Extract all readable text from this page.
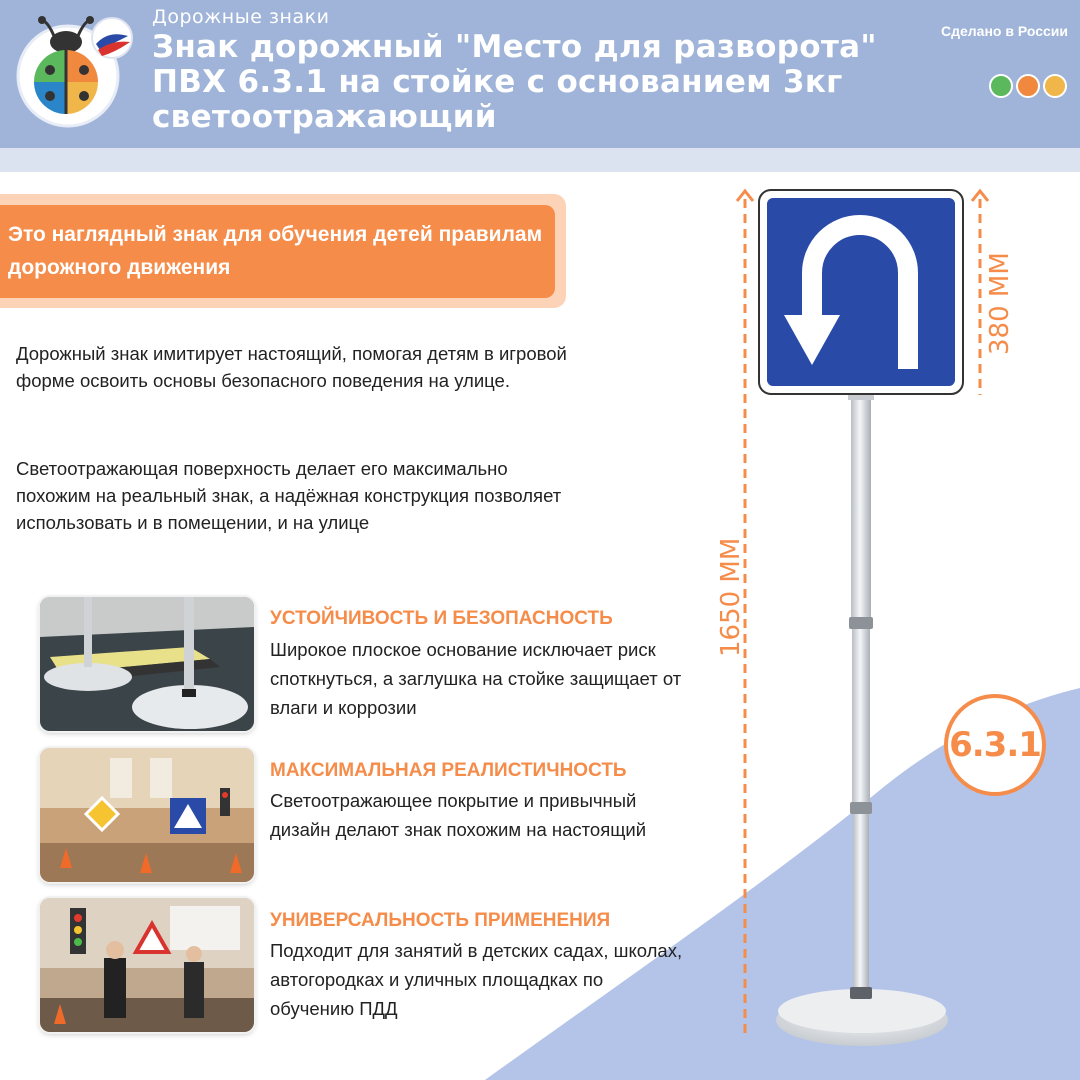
Дорожные знаки
Знак дорожный "Место для разворота" ПВХ 6.3.1 на стойке с основанием 3кг светоотражающий
Сделано в России
Это наглядный знак для обучения детей правилам дорожного движения
Дорожный знак имитирует настоящий, помогая детям в игровой форме освоить основы безопасного поведения на улице.
Светоотражающая поверхность делает его максимально похожим на реальный знак, а надёжная конструкция позволяет использовать и в помещении, и на улице
УСТОЙЧИВОСТЬ И БЕЗОПАСНОСТЬ
Широкое плоское основание исключает риск споткнуться, а заглушка на стойке защищает от влаги и коррозии
МАКСИМАЛЬНАЯ РЕАЛИСТИЧНОСТЬ
Светоотражающее покрытие и привычный дизайн делают знак похожим на настоящий
УНИВЕРСАЛЬНОСТЬ ПРИМЕНЕНИЯ
Подходит для занятий в детских садах, школах, автогородках и уличных площадках по обучению ПДД
1650 ММ
380 ММ
6.3.1
